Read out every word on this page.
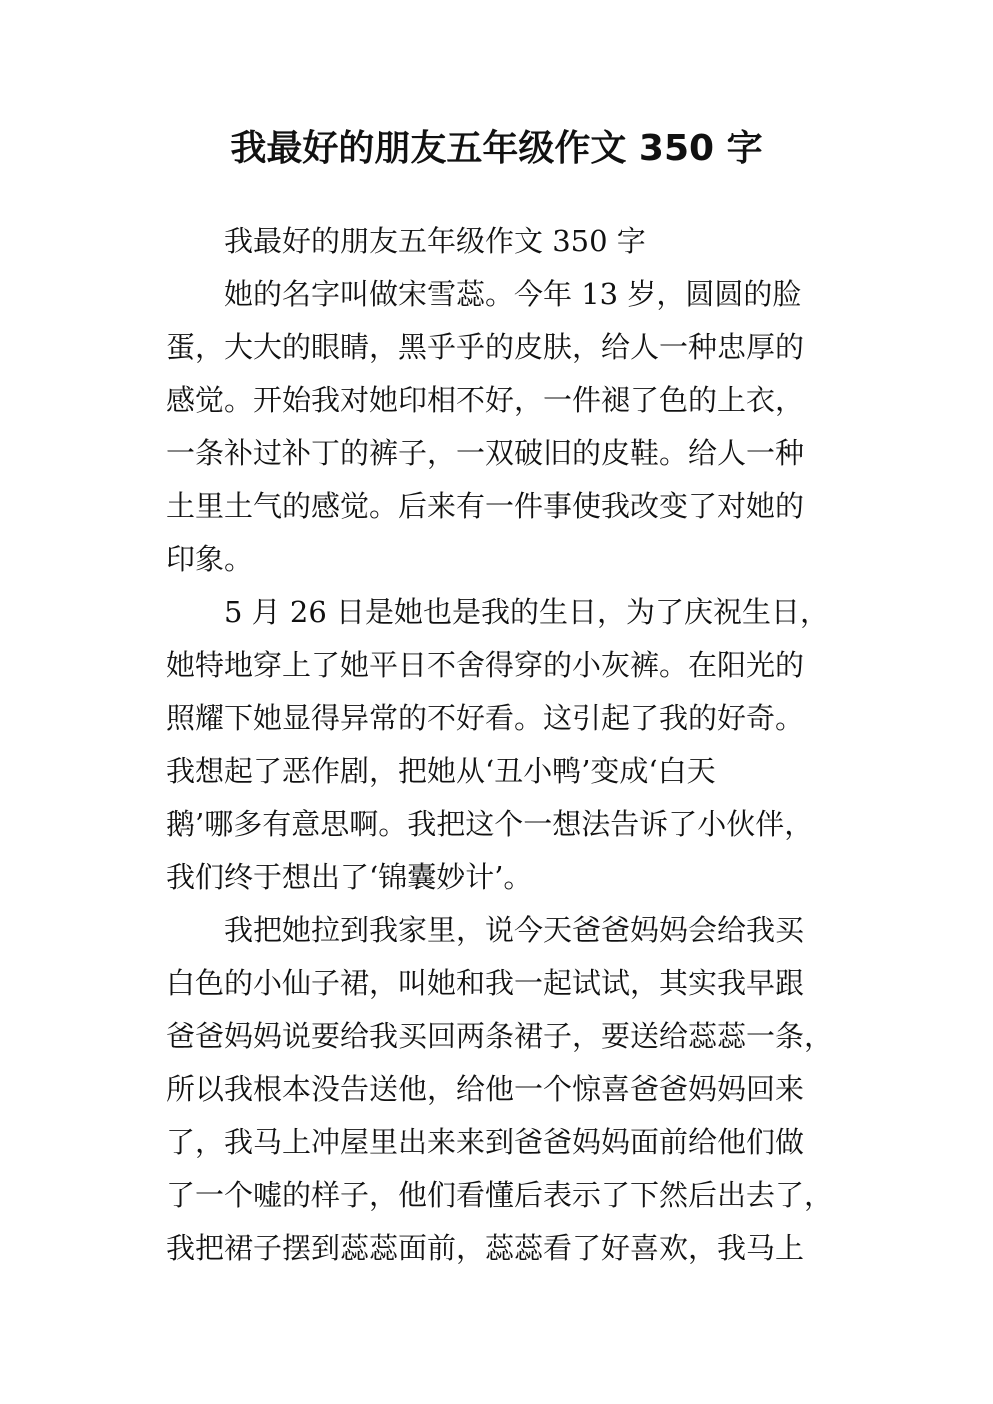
我最好的朋友五年级作文 350 字
我最好的朋友五年级作文 350 字
她的名字叫做宋雪蕊。今年 13 岁，圆圆的脸
蛋，大大的眼睛，黑乎乎的皮肤，给人一种忠厚的
感觉。开始我对她印相不好，一件褪了色的上衣，
一条补过补丁的裤子，一双破旧的皮鞋。给人一种
土里土气的感觉。后来有一件事使我改变了对她的
印象。
5 月 26 日是她也是我的生日，为了庆祝生日，
她特地穿上了她平日不舍得穿的小灰裤。在阳光的
照耀下她显得异常的不好看。这引起了我的好奇。
我想起了恶作剧，把她从‘丑小鸭’变成‘白天
鹅’哪多有意思啊。我把这个一想法告诉了小伙伴，
我们终于想出了‘锦囊妙计’。
我把她拉到我家里，说今天爸爸妈妈会给我买
白色的小仙子裙，叫她和我一起试试，其实我早跟
爸爸妈妈说要给我买回两条裙子，要送给蕊蕊一条，
所以我根本没告送他，给他一个惊喜爸爸妈妈回来
了，我马上冲屋里出来来到爸爸妈妈面前给他们做
了一个嘘的样子，他们看懂后表示了下然后出去了，
我把裙子摆到蕊蕊面前，蕊蕊看了好喜欢，我马上
